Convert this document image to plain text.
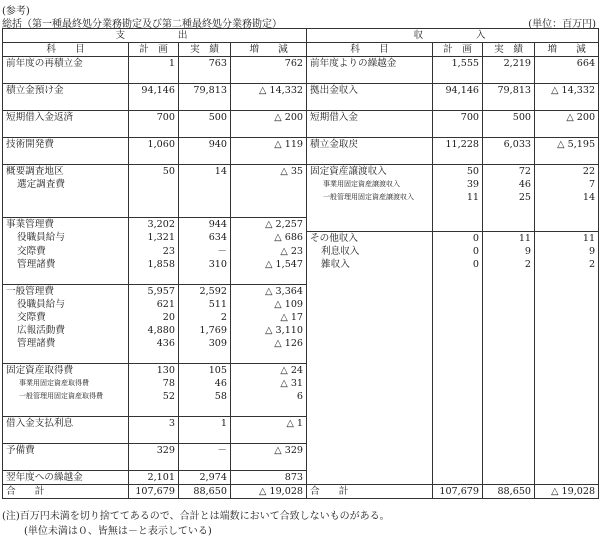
(参考)
総括（第一種最終処分業務勘定及び第二種最終処分業務勘定）	(単位：百万円)
支　　　出				収　　　入			
科　　目	計　画	実　績	増　　減	科　　目	計　画	実　績	増　　減
前年度の再積立金	1	763	762	前年度よりの繰越金	1,555	2,219	664

積立金預け金	94,146	79,813	△ 14,332	拠出金収入	94,146	79,813	△ 14,332

短期借入金返済	700	500	△ 200	短期借入金	700	500	△ 200

技術開発費	1,060	940	△ 119	積立金取戻	11,228	6,033	△ 5,195

概要調査地区	50	14	△ 35	固定資産譲渡収入	50	72	22
選定調査費				事業用固定資産譲渡収入	39	46	7
				一般管理用固定資産譲渡収入	11	25	14

事業管理費	3,202	944	△ 2,257				
役職員給与	1,321	634	△ 686	その他収入	0	11	11
交際費	23	－	△ 23	利息収入	0	9	9
管理諸費	1,858	310	△ 1,547	雑収入	0	2	2

一般管理費	5,957	2,592	△ 3,364				
役職員給与	621	511	△ 109				
交際費	20	2	△ 17				
広報活動費	4,880	1,769	△ 3,110				
管理諸費	436	309	△ 126				

固定資産取得費	130	105	△ 24				
事業用固定資産取得費	78	46	△ 31				
一般管理用固定資産取得費	52	58	6				

借入金支払利息	3	1	△ 1				

予備費	329	－	△ 329				

翌年度への繰越金	2,101	2,974	873				
合　　計	107,679	88,650	△ 19,028	合　　計	107,679	88,650	△ 19,028
(注)百万円未満を切り捨ててあるので、合計とは端数において合致しないものがある。
(単位未満は０、皆無は－と表示している)
